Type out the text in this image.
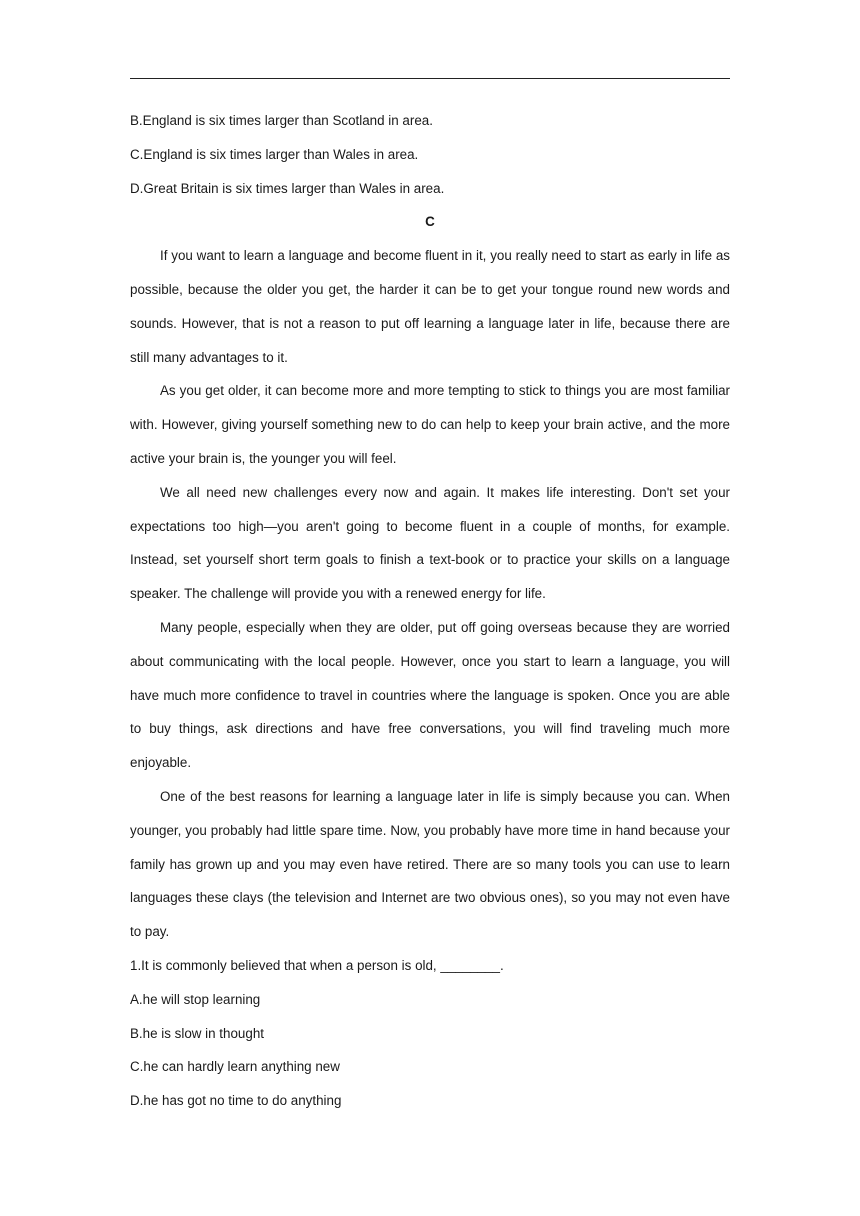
B.England is six times larger than Scotland in area.

C.England is six times larger than Wales in area.

D.Great Britain is six times larger than Wales in area.

C

If you want to learn a language and become fluent in it, you really need to start as early in life as possible, because the older you get, the harder it can be to get your tongue round new words and sounds. However, that is not a reason to put off learning a language later in life, because there are still many advantages to it.

As you get older, it can become more and more tempting to stick to things you are most familiar with. However, giving yourself something new to do can help to keep your brain active, and the more active your brain is, the younger you will feel.

We all need new challenges every now and again. It makes life interesting. Don't set your expectations too high—you aren't going to become fluent in a couple of months, for example. Instead, set yourself short term goals to finish a text-book or to practice your skills on a language speaker. The challenge will provide you with a renewed energy for life.

Many people, especially when they are older, put off going overseas because they are worried about communicating with the local people. However, once you start to learn a language, you will have much more confidence to travel in countries where the language is spoken. Once you are able to buy things, ask directions and have free conversations, you will find traveling much more enjoyable.

One of the best reasons for learning a language later in life is simply because you can. When younger, you probably had little spare time. Now, you probably have more time in hand because your family has grown up and you may even have retired. There are so many tools you can use to learn languages these clays (the television and Internet are two obvious ones), so you may not even have to pay.

1.It is commonly believed that when a person is old, ________.

A.he will stop learning

B.he is slow in thought

C.he can hardly learn anything new

D.he has got no time to do anything
